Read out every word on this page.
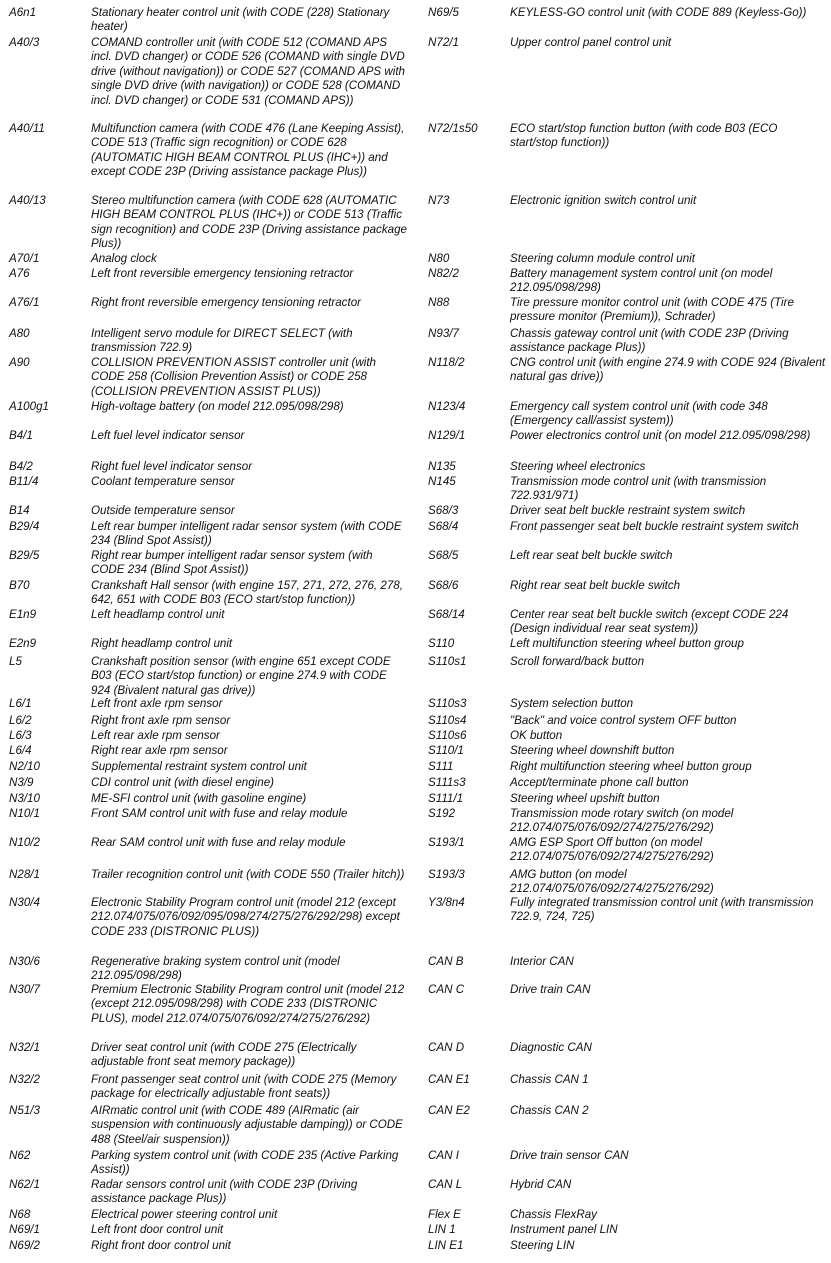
A6n1	Stationary heater control unit (with CODE (228) Stationary heater)
A40/3	COMAND controller unit (with CODE 512 (COMAND APS incl. DVD changer) or CODE 526 (COMAND with single DVD drive (without navigation)) or CODE 527 (COMAND APS with single DVD drive (with navigation)) or CODE 528 (COMAND incl. DVD changer) or CODE 531 (COMAND APS))
A40/11	Multifunction camera (with CODE 476 (Lane Keeping Assist), CODE 513 (Traffic sign recognition) or CODE 628 (AUTOMATIC HIGH BEAM CONTROL PLUS (IHC+)) and except CODE 23P (Driving assistance package Plus))
A40/13	Stereo multifunction camera (with CODE 628 (AUTOMATIC HIGH BEAM CONTROL PLUS (IHC+)) or CODE 513 (Traffic sign recognition) and CODE 23P (Driving assistance package Plus))
A70/1	Analog clock
A76	Left front reversible emergency tensioning retractor
A76/1	Right front reversible emergency tensioning retractor
A80	Intelligent servo module for DIRECT SELECT (with transmission 722.9)
A90	COLLISION PREVENTION ASSIST controller unit (with CODE 258 (Collision Prevention Assist) or CODE 258 (COLLISION PREVENTION ASSIST PLUS))
A100g1	High-voltage battery (on model 212.095/098/298)
B4/1	Left fuel level indicator sensor
B4/2	Right fuel level indicator sensor
B11/4	Coolant temperature sensor
B14	Outside temperature sensor
B29/4	Left rear bumper intelligent radar sensor system (with CODE 234 (Blind Spot Assist))
B29/5	Right rear bumper intelligent radar sensor system (with CODE 234 (Blind Spot Assist))
B70	Crankshaft Hall sensor (with engine 157, 271, 272, 276, 278, 642, 651 with CODE B03 (ECO start/stop function))
E1n9	Left headlamp control unit
E2n9	Right headlamp control unit
L5	Crankshaft position sensor (with engine 651 except CODE B03 (ECO start/stop function) or engine 274.9 with CODE 924 (Bivalent natural gas drive))
L6/1	Left front axle rpm sensor
L6/2	Right front axle rpm sensor
L6/3	Left rear axle rpm sensor
L6/4	Right rear axle rpm sensor
N2/10	Supplemental restraint system control unit
N3/9	CDI control unit (with diesel engine)
N3/10	ME-SFI control unit (with gasoline engine)
N10/1	Front SAM control unit with fuse and relay module
N10/2	Rear SAM control unit with fuse and relay module
N28/1	Trailer recognition control unit (with CODE 550 (Trailer hitch))
N30/4	Electronic Stability Program control unit (model 212 (except 212.074/075/076/092/095/098/274/275/276/292/298) except CODE 233 (DISTRONIC PLUS))
N30/6	Regenerative braking system control unit (model 212.095/098/298)
N30/7	Premium Electronic Stability Program control unit (model 212 (except 212.095/098/298) with CODE 233 (DISTRONIC PLUS), model 212.074/075/076/092/274/275/276/292)
N32/1	Driver seat control unit (with CODE 275 (Electrically adjustable front seat memory package))
N32/2	Front passenger seat control unit (with CODE 275 (Memory package for electrically adjustable front seats))
N51/3	AIRmatic control unit (with CODE 489 (AIRmatic (air suspension with continuously adjustable damping)) or CODE 488 (Steel/air suspension))
N62	Parking system control unit (with CODE 235 (Active Parking Assist))
N62/1	Radar sensors control unit (with CODE 23P (Driving assistance package Plus))
N68	Electrical power steering control unit
N69/1	Left front door control unit
N69/2	Right front door control unit
N69/5	KEYLESS-GO control unit (with CODE 889 (Keyless-Go))
N72/1	Upper control panel control unit
N72/1s50	ECO start/stop function button (with code B03 (ECO start/stop function))
N73	Electronic ignition switch control unit
N80	Steering column module control unit
N82/2	Battery management system control unit (on model 212.095/098/298)
N88	Tire pressure monitor control unit (with CODE 475 (Tire pressure monitor (Premium)), Schrader)
N93/7	Chassis gateway control unit (with CODE 23P (Driving assistance package Plus))
N118/2	CNG control unit (with engine 274.9 with CODE 924 (Bivalent natural gas drive))
N123/4	Emergency call system control unit (with code 348 (Emergency call/assist system))
N129/1	Power electronics control unit (on model 212.095/098/298)
N135	Steering wheel electronics
N145	Transmission mode control unit (with transmission 722.931/971)
S68/3	Driver seat belt buckle restraint system switch
S68/4	Front passenger seat belt buckle restraint system switch
S68/5	Left rear seat belt buckle switch
S68/6	Right rear seat belt buckle switch
S68/14	Center rear seat belt buckle switch (except CODE 224 (Design individual rear seat system))
S110	Left multifunction steering wheel button group
S110s1	Scroll forward/back button
S110s3	System selection button
S110s4	"Back" and voice control system OFF button
S110s6	OK button
S110/1	Steering wheel downshift button
S111	Right multifunction steering wheel button group
S111s3	Accept/terminate phone call button
S111/1	Steering wheel upshift button
S192	Transmission mode rotary switch (on model 212.074/075/076/092/274/275/276/292)
S193/1	AMG ESP Sport Off button (on model 212.074/075/076/092/274/275/276/292)
S193/3	AMG button (on model 212.074/075/076/092/274/275/276/292)
Y3/8n4	Fully integrated transmission control unit (with transmission 722.9, 724, 725)
CAN B	Interior CAN
CAN C	Drive train CAN
CAN D	Diagnostic CAN
CAN E1	Chassis CAN 1
CAN E2	Chassis CAN 2
CAN I	Drive train sensor CAN
CAN L	Hybrid CAN
Flex E	Chassis FlexRay
LIN 1	Instrument panel LIN
LIN E1	Steering LIN
